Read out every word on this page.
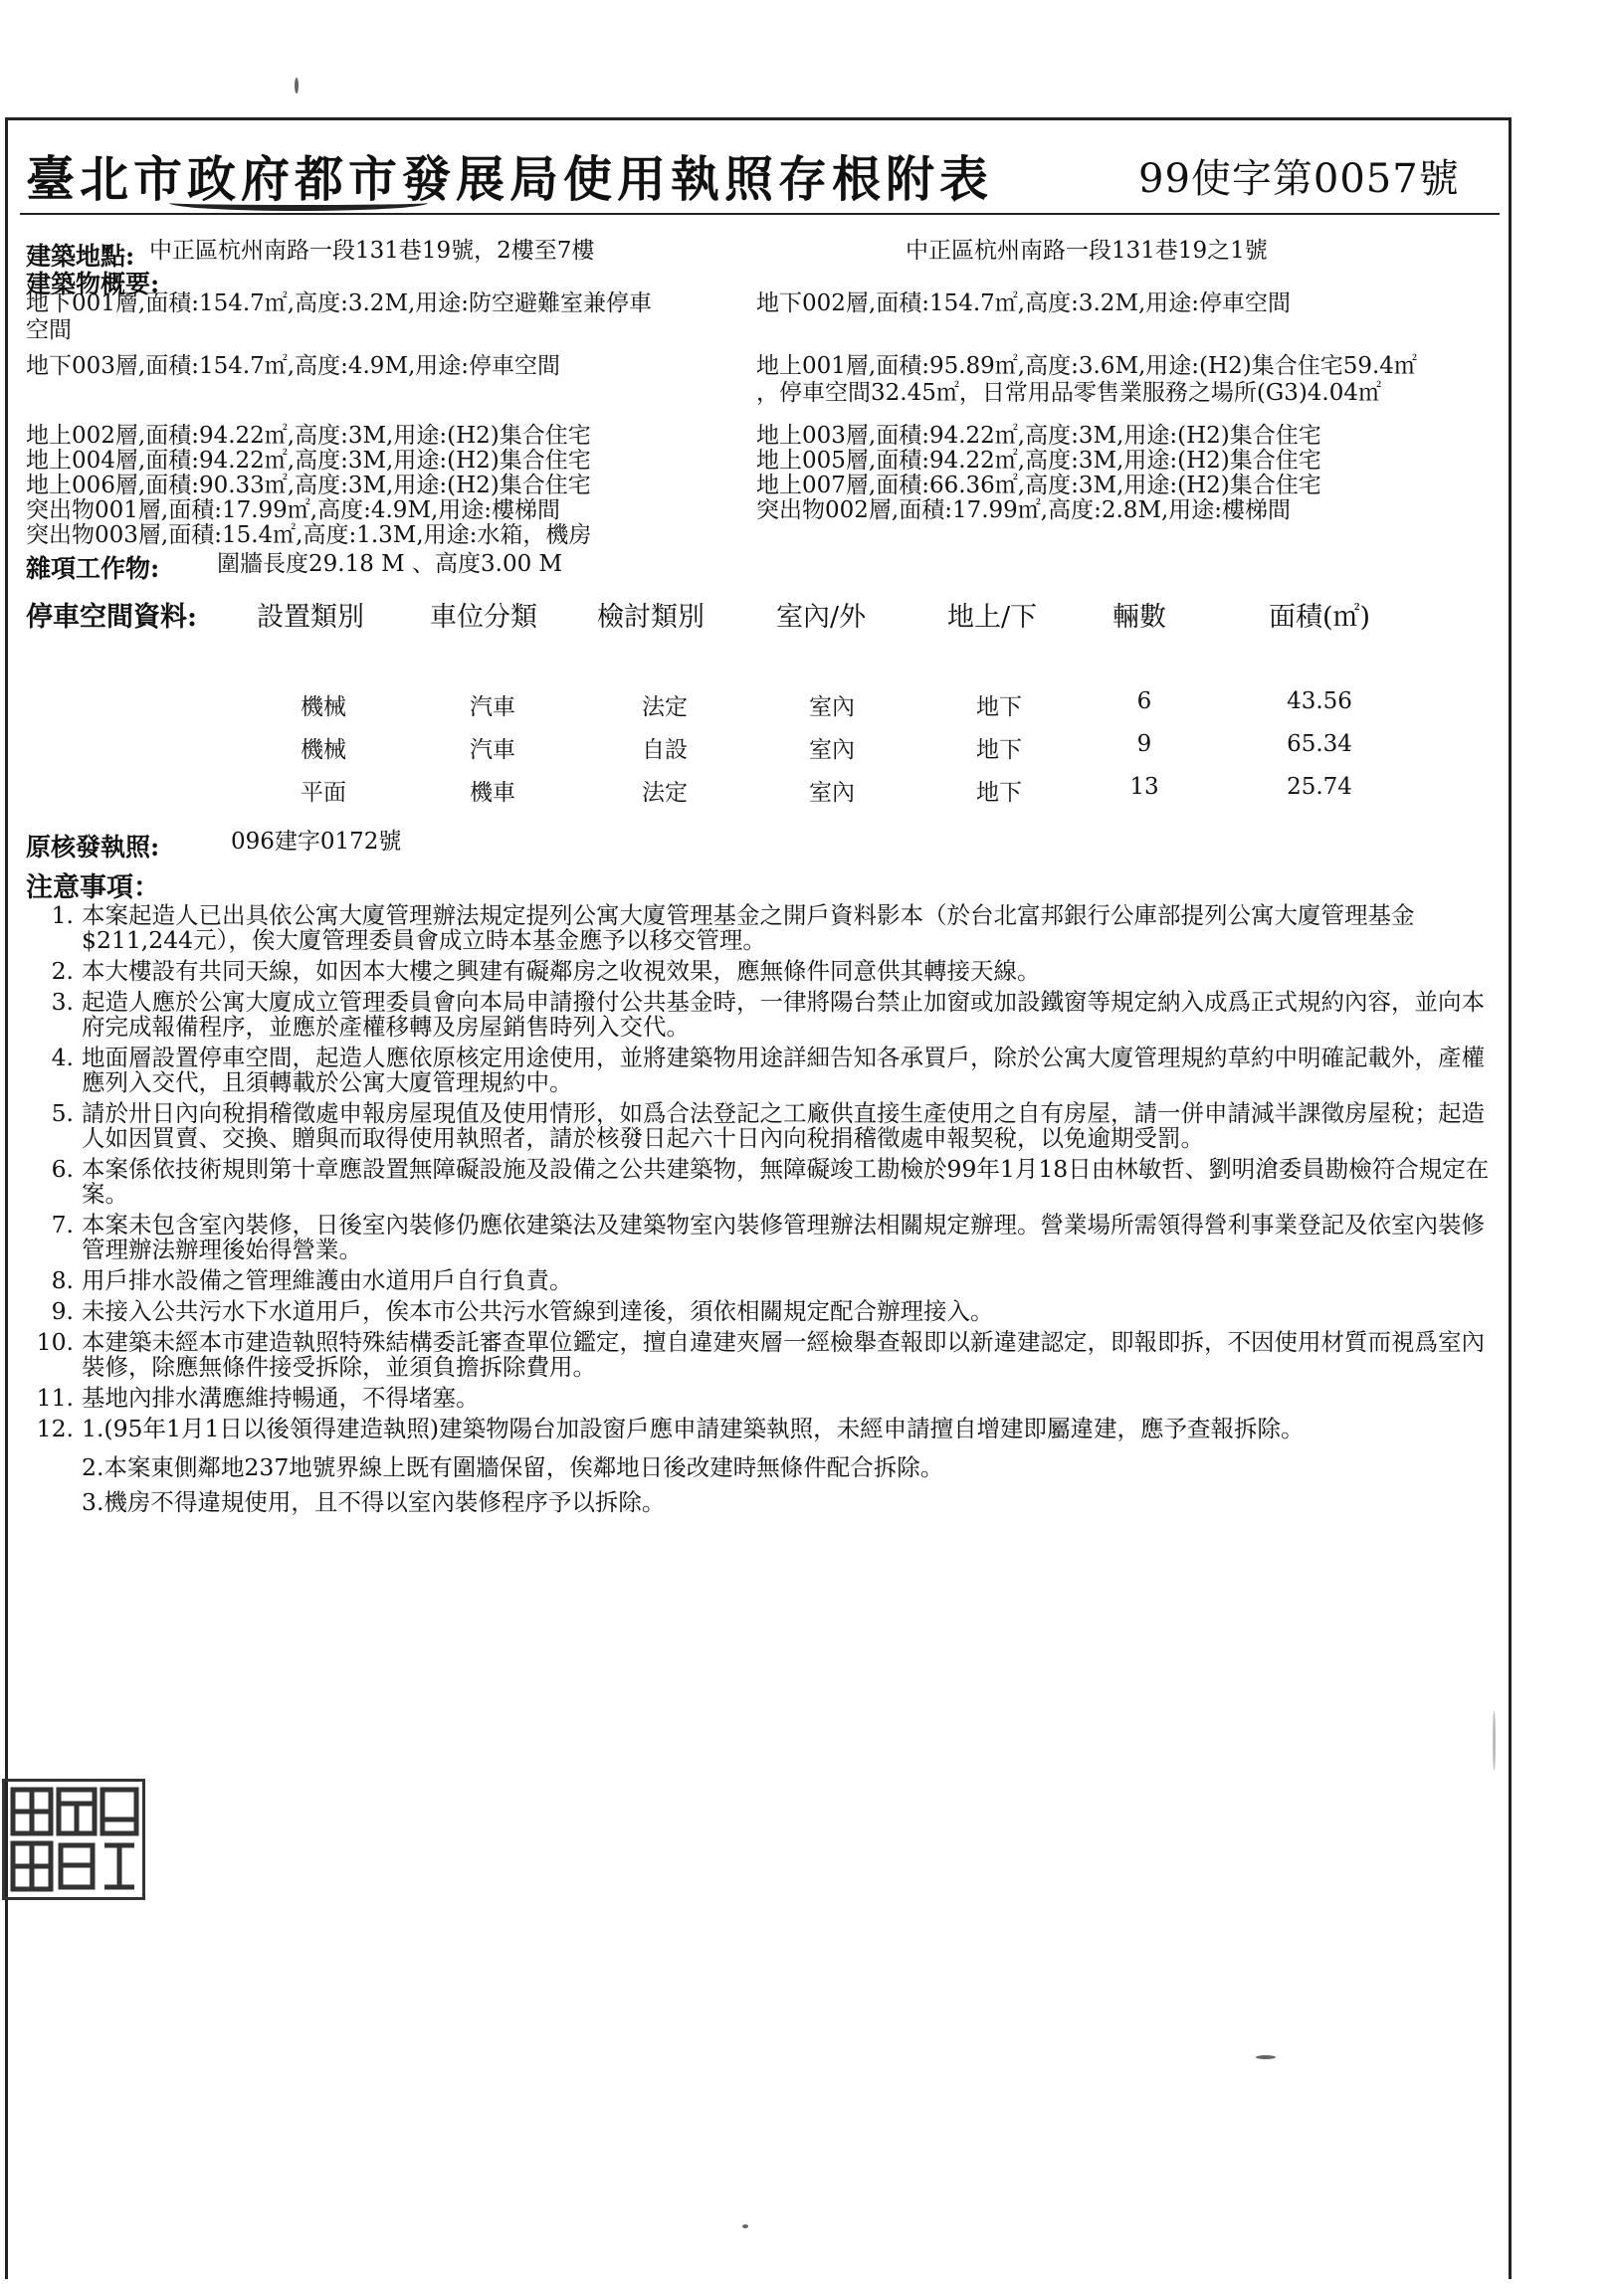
臺北市政府都市發展局使用執照存根附表	99使字第0057號
建築地點: 中正區杭州南路一段131巷19號，2樓至7樓	中正區杭州南路一段131巷19之1號
建築物概要:
地下001層,面積:154.7㎡,高度:3.2M,用途:防空避難室兼停車
空間
地下002層,面積:154.7㎡,高度:3.2M,用途:停車空間
地下003層,面積:154.7㎡,高度:4.9M,用途:停車空間	地上001層,面積:95.89㎡,高度:3.6M,用途:(H2)集合住宅59.4㎡
，停車空間32.45㎡，日常用品零售業服務之場所(G3)4.04㎡
地上002層,面積:94.22㎡,高度:3M,用途:(H2)集合住宅	地上003層,面積:94.22㎡,高度:3M,用途:(H2)集合住宅
地上004層,面積:94.22㎡,高度:3M,用途:(H2)集合住宅	地上005層,面積:94.22㎡,高度:3M,用途:(H2)集合住宅
地上006層,面積:90.33㎡,高度:3M,用途:(H2)集合住宅	地上007層,面積:66.36㎡,高度:3M,用途:(H2)集合住宅
突出物001層,面積:17.99㎡,高度:4.9M,用途:樓梯間	突出物002層,面積:17.99㎡,高度:2.8M,用途:樓梯間
突出物003層,面積:15.4㎡,高度:1.3M,用途:水箱，機房
雜項工作物:	圍牆長度29.18 M 、高度3.00 M
停車空間資料: 設置類別 車位分類 檢討類別	室內/外	地上/下	輛數	面積(㎡)
機械	汽車	法定	室內	地下	6	43.56
機械	汽車	自設	室內	地下	9	65.34
平面	機車	法定	室內	地下	13	25.74
原核發執照:	096建字0172號
注意事項：
1. 本案起造人已出具依公寓大廈管理辦法規定提列公寓大廈管理基金之開戶資料影本（於台北富邦銀行公庫部提列公寓大廈管理基金$211,244元），俟大廈管理委員會成立時本基金應予以移交管理。
2. 本大樓設有共同天線，如因本大樓之興建有礙鄰房之收視效果，應無條件同意供其轉接天線。
3. 起造人應於公寓大廈成立管理委員會向本局申請撥付公共基金時，一律將陽台禁止加窗或加設鐵窗等規定納入成爲正式規約內容，並向本府完成報備程序，並應於產權移轉及房屋銷售時列入交代。
4. 地面層設置停車空間，起造人應依原核定用途使用，並將建築物用途詳細告知各承買戶，除於公寓大廈管理規約草約中明確記載外，產權應列入交代，且須轉載於公寓大廈管理規約中。
5. 請於卅日內向稅捐稽徵處申報房屋現值及使用情形，如爲合法登記之工廠供直接生產使用之自有房屋，請一併申請減半課徵房屋稅；起造人如因買賣、交換、贈與而取得使用執照者，請於核發日起六十日內向稅捐稽徵處申報契稅，以免逾期受罰。
6. 本案係依技術規則第十章應設置無障礙設施及設備之公共建築物，無障礙竣工勘檢於99年1月18日由林敏哲、劉明滄委員勘檢符合規定在案。
7. 本案未包含室內裝修，日後室內裝修仍應依建築法及建築物室內裝修管理辦法相關規定辦理。營業場所需領得營利事業登記及依室內裝修管理辦法辦理後始得營業。
8. 用戶排水設備之管理維護由水道用戶自行負責。
9. 未接入公共污水下水道用戶，俟本市公共污水管線到達後，須依相關規定配合辦理接入。
10. 本建築未經本市建造執照特殊結構委託審查單位鑑定，擅自違建夾層一經檢舉查報即以新違建認定，即報即拆，不因使用材質而視爲室內裝修，除應無條件接受拆除，並須負擔拆除費用。
11. 基地內排水溝應維持暢通，不得堵塞。
12. 1.(95年1月1日以後領得建造執照)建築物陽台加設窗戶應申請建築執照，未經申請擅自增建即屬違建，應予查報拆除。
2.本案東側鄰地237地號界線上既有圍牆保留，俟鄰地日後改建時無條件配合拆除。
3.機房不得違規使用，且不得以室內裝修程序予以拆除。
